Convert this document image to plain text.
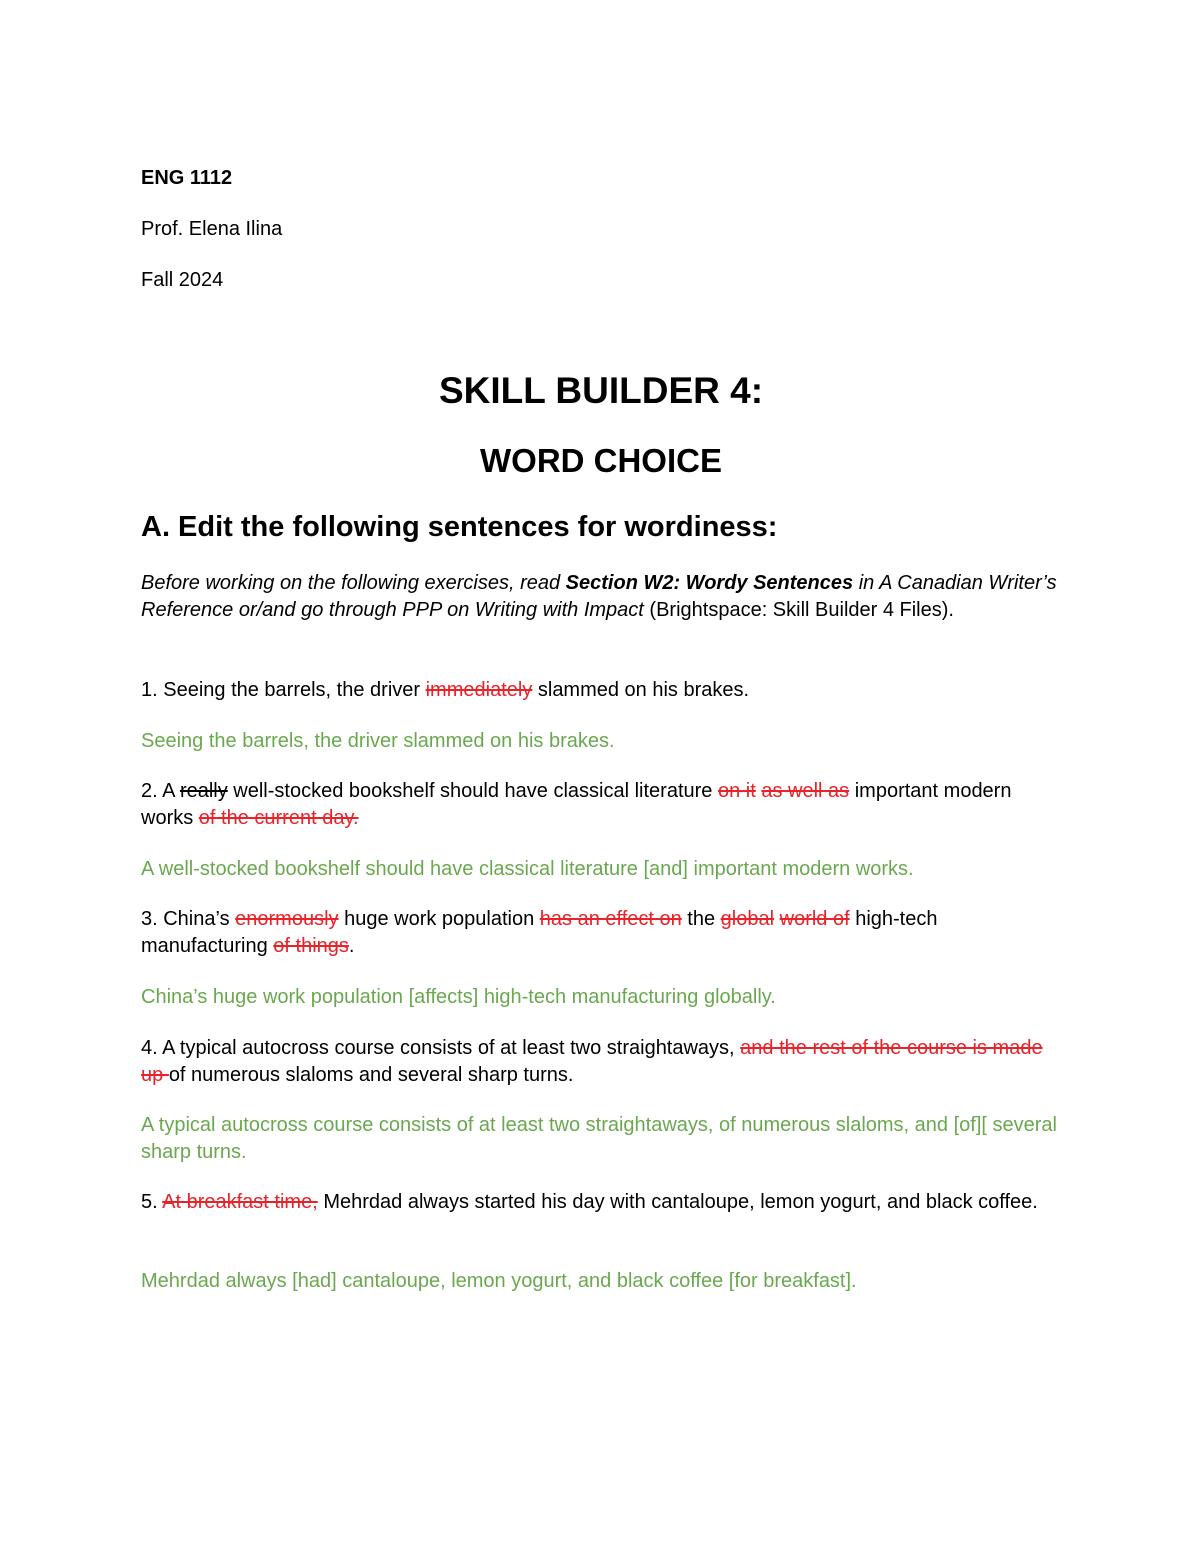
ENG 1112

Prof. Elena Ilina

Fall 2024

SKILL BUILDER 4:
WORD CHOICE
A. Edit the following sentences for wordiness:

Before working on the following exercises, read Section W2: Wordy Sentences in A Canadian Writer’s Reference or/and go through PPP on Writing with Impact (Brightspace: Skill Builder 4 Files).

1. Seeing the barrels, the driver immediately slammed on his brakes.

Seeing the barrels, the driver slammed on his brakes.

2. A really well-stocked bookshelf should have classical literature on it as well as important modern works of the current day.

A well-stocked bookshelf should have classical literature [and] important modern works.

3. China’s enormously huge work population has an effect on the global world of high-tech manufacturing of things.

China’s huge work population [affects] high-tech manufacturing globally.

4. A typical autocross course consists of at least two straightaways, and the rest of the course is made up of numerous slaloms and several sharp turns.

A typical autocross course consists of at least two straightaways, of numerous slaloms, and [of][ several sharp turns.

5. At breakfast time, Mehrdad always started his day with cantaloupe, lemon yogurt, and black coffee.

Mehrdad always [had] cantaloupe, lemon yogurt, and black coffee [for breakfast].
